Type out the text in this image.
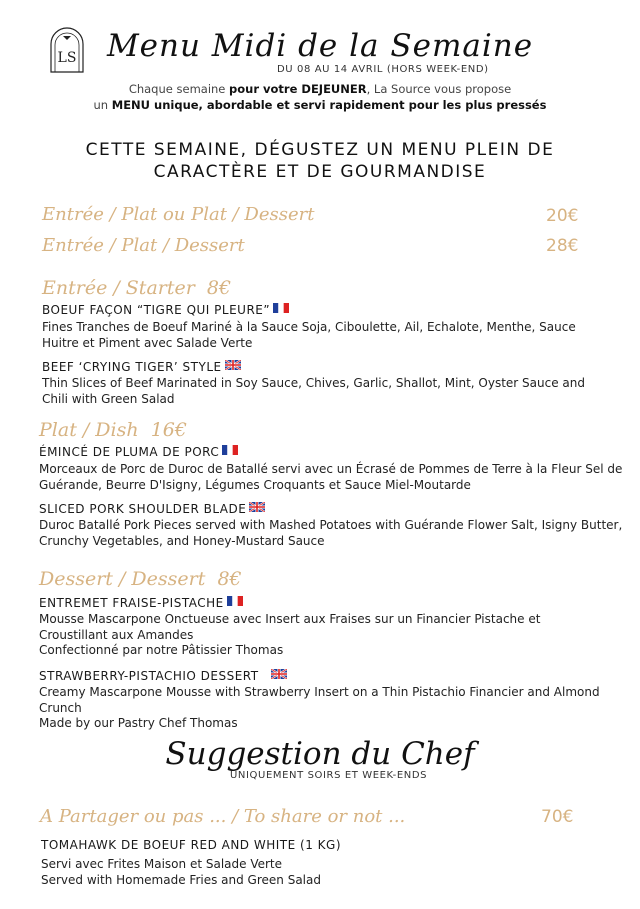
LS Menu Midi de la Semaine
DU 08 AU 14 AVRIL (HORS WEEK-END)
Chaque semaine pour votre DEJEUNER, La Source vous propose
un MENU unique, abordable et servi rapidement pour les plus pressés
CETTE SEMAINE, DÉGUSTEZ UN MENU PLEIN DE
CARACTÈRE ET DE GOURMANDISE
Entrée / Plat ou Plat / Dessert	20€
Entrée / Plat / Dessert	28€
Entrée / Starter 8€
BOEUF FAÇON “TIGRE QUI PLEURE”
Fines Tranches de Boeuf Mariné à la Sauce Soja, Ciboulette, Ail, Echalote, Menthe, Sauce Huitre et Piment avec Salade Verte
BEEF ‘CRYING TIGER’ STYLE
Thin Slices of Beef Marinated in Soy Sauce, Chives, Garlic, Shallot, Mint, Oyster Sauce and Chili with Green Salad
Plat / Dish 16€
ÉMINCÉ DE PLUMA DE PORC
Morceaux de Porc de Duroc de Batallé servi avec un Écrasé de Pommes de Terre à la Fleur Sel de Guérande, Beurre D'Isigny, Légumes Croquants et Sauce Miel-Moutarde
SLICED PORK SHOULDER BLADE
Duroc Batallé Pork Pieces served with Mashed Potatoes with Guérande Flower Salt, Isigny Butter, Crunchy Vegetables, and Honey-Mustard Sauce
Dessert / Dessert 8€
ENTREMET FRAISE-PISTACHE
Mousse Mascarpone Onctueuse avec Insert aux Fraises sur un Financier Pistache et Croustillant aux Amandes
Confectionné par notre Pâtissier Thomas
STRAWBERRY-PISTACHIO DESSERT
Creamy Mascarpone Mousse with Strawberry Insert on a Thin Pistachio Financier and Almond Crunch
Made by our Pastry Chef Thomas
Suggestion du Chef
UNIQUEMENT SOIRS ET WEEK-ENDS
A Partager ou pas ... / To share or not ...	70€
TOMAHAWK DE BOEUF RED AND WHITE (1 KG)
Servi avec Frites Maison et Salade Verte
Served with Homemade Fries and Green Salad
